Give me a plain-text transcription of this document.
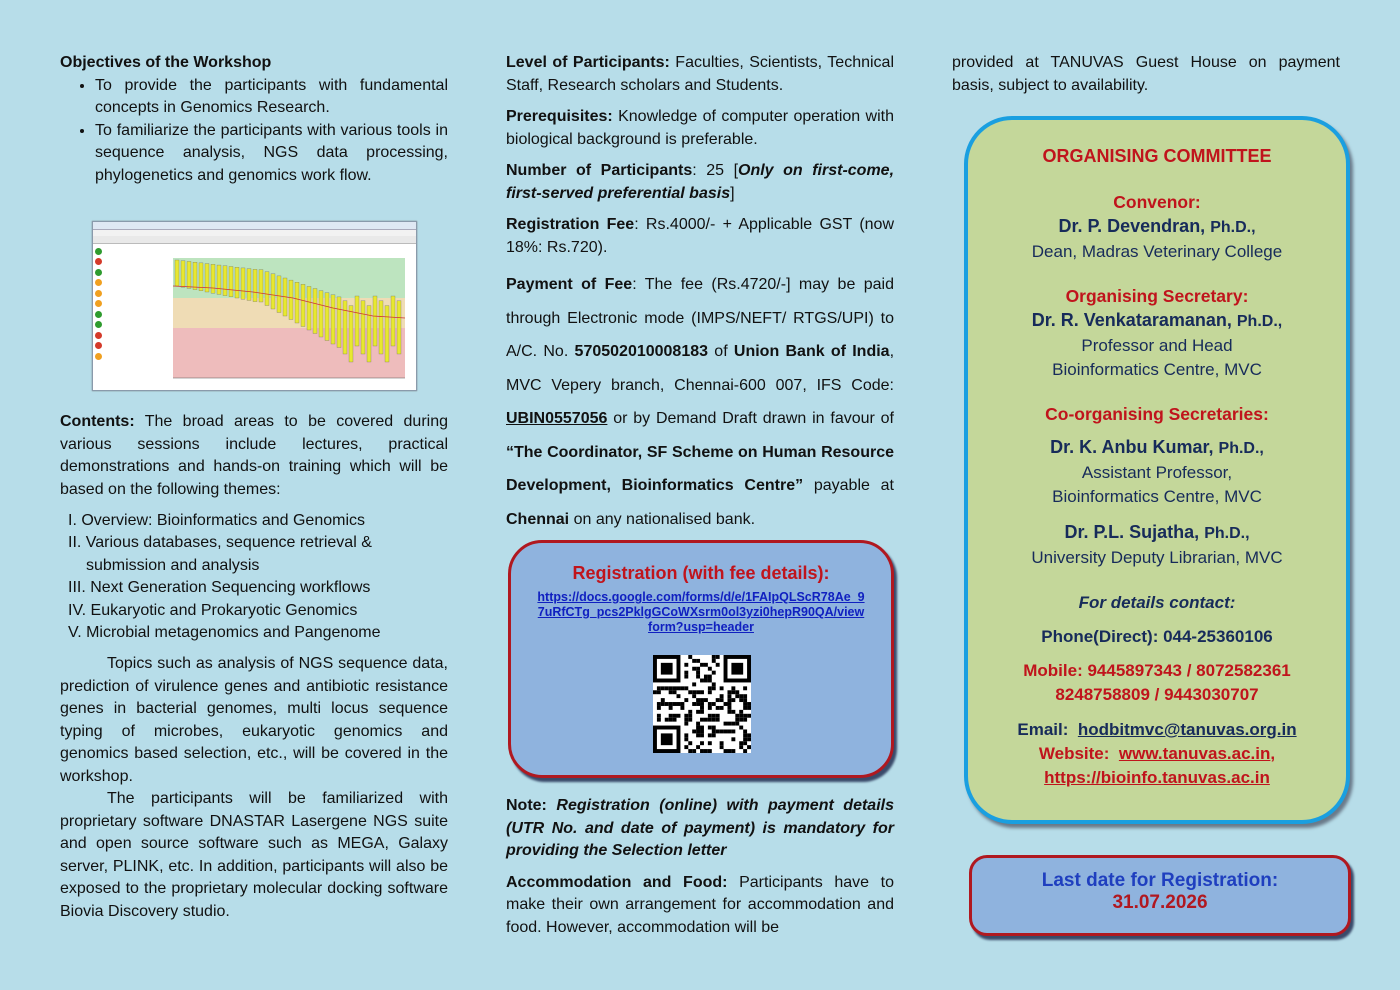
Objectives of the Workshop
• To provide the participants with fundamental concepts in Genomics Research.
• To familiarize the participants with various tools in sequence analysis, NGS data processing, phylogenetics and genomics work flow.

Contents: The broad areas to be covered during various sessions include lectures, practical demonstrations and hands-on training which will be based on the following themes:

I. Overview: Bioinformatics and Genomics
II. Various databases, sequence retrieval &
submission and analysis
III. Next Generation Sequencing workflows
IV. Eukaryotic and Prokaryotic Genomics
V. Microbial metagenomics and Pangenome

Topics such as analysis of NGS sequence data, prediction of virulence genes and antibiotic resistance genes in bacterial genomes, multi locus sequence typing of microbes, eukaryotic genomics and genomics based selection, etc., will be covered in the workshop.

The participants will be familiarized with proprietary software DNASTAR Lasergene NGS suite and open source software such as MEGA, Galaxy server, PLINK, etc. In addition, participants will also be exposed to the proprietary molecular docking software Biovia Discovery studio.

Level of Participants: Faculties, Scientists, Technical Staff, Research scholars and Students.

Prerequisites: Knowledge of computer operation with biological background is preferable.

Number of Participants: 25 [Only on first-come, first-served preferential basis]

Registration Fee: Rs.4000/- + Applicable GST (now 18%: Rs.720).

Payment of Fee: The fee (Rs.4720/-] may be paid through Electronic mode (IMPS/NEFT/ RTGS/UPI) to A/C. No. 570502010008183 of Union Bank of India, MVC Vepery branch, Chennai-600 007, IFS Code: UBIN0557056 or by Demand Draft drawn in favour of “The Coordinator, SF Scheme on Human Resource Development, Bioinformatics Centre” payable at Chennai on any nationalised bank.

Registration (with fee details):
https://docs.google.com/forms/d/e/1FAIpQLScR78Ae_97uRfCTg_pcs2PklgGCoWXsrm0ol3yzi0hepR90QA/viewform?usp=header

Note: Registration (online) with payment details (UTR No. and date of payment) is mandatory for providing the Selection letter

Accommodation and Food: Participants have to make their own arrangement for accommodation and food. However, accommodation will be

provided at TANUVAS Guest House on payment basis, subject to availability.

ORGANISING COMMITTEE
Convenor:
Dr. P. Devendran, Ph.D.,
Dean, Madras Veterinary College
Organising Secretary:
Dr. R. Venkataramanan, Ph.D.,
Professor and Head
Bioinformatics Centre, MVC
Co-organising Secretaries:
Dr. K. Anbu Kumar, Ph.D.,
Assistant Professor,
Bioinformatics Centre, MVC
Dr. P.L. Sujatha, Ph.D.,
University Deputy Librarian, MVC
For details contact:
Phone(Direct): 044-25360106
Mobile: 9445897343 / 8072582361
8248758809 / 9443030707
Email: hodbitmvc@tanuvas.org.in
Website: www.tanuvas.ac.in,
https://bioinfo.tanuvas.ac.in
Last date for Registration:
31.07.2026
